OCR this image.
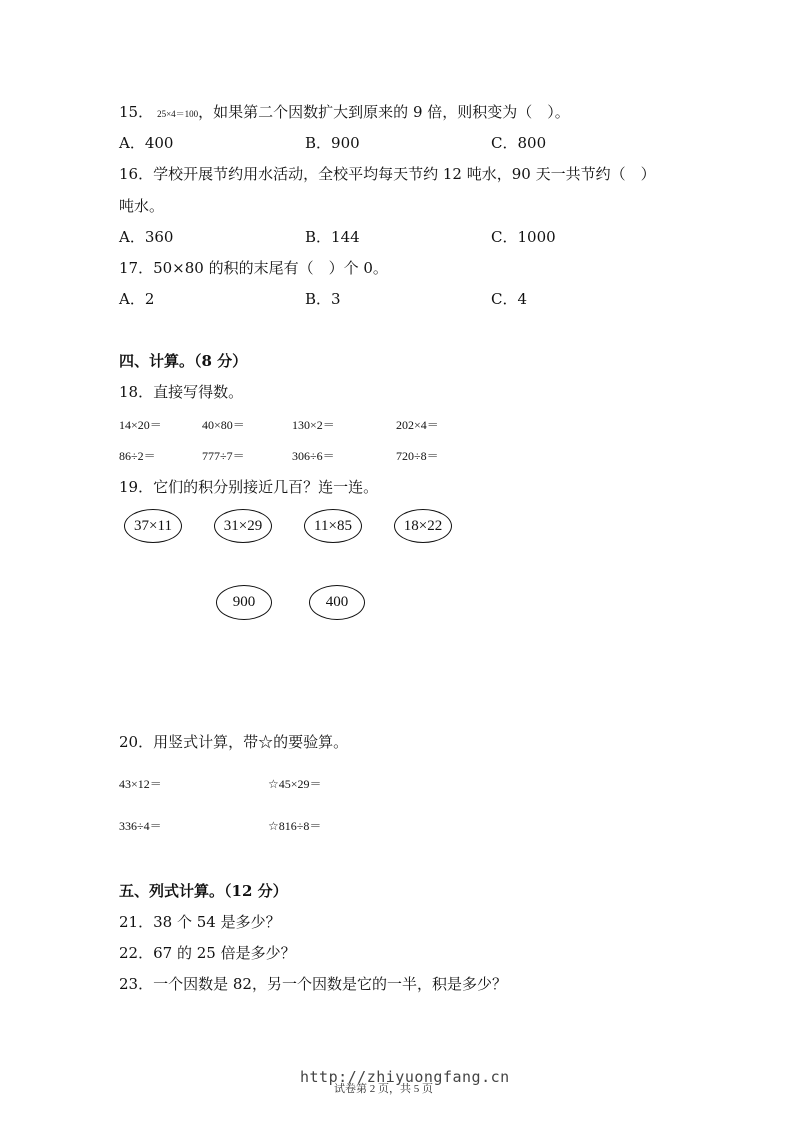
15． 25×4＝100，如果第二个因数扩大到原来的 9 倍，则积变为（　）。
A．400	B．900	C．800
16．学校开展节约用水活动，全校平均每天节约 12 吨水，90 天一共节约（　）
吨水。
A．360	B．144	C．1000
17．50×80 的积的末尾有（　）个 0。
A．2	B．3	C．4
四、计算。（8 分）
18．直接写得数。
14×20＝	40×80＝	130×2＝	202×4＝
86÷2＝	777÷7＝	306÷6＝	720÷8＝
19．它们的积分别接近几百？连一连。
37×11	31×29	11×85	18×22
900	400
20．用竖式计算，带☆的要验算。
43×12＝	☆45×29＝
336÷4＝	☆816÷8＝
五、列式计算。（12 分）
21．38 个 54 是多少？
22．67 的 25 倍是多少？
23．一个因数是 82，另一个因数是它的一半，积是多少？
试卷第 2 页，共 5 页
http://zhiyuongfang.cn
